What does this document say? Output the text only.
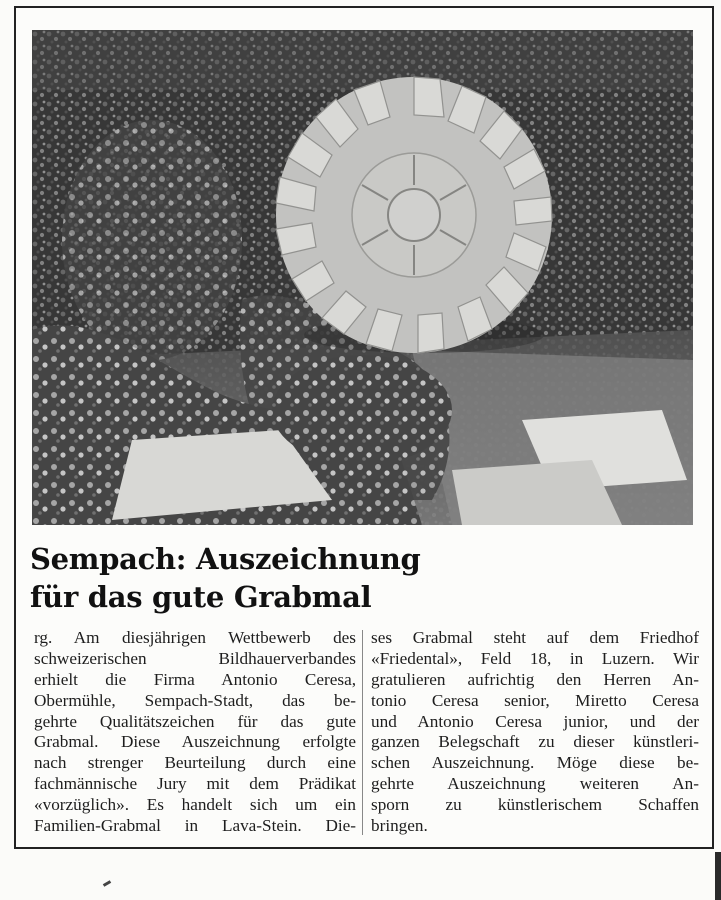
Sempach: Auszeichnung
für das gute Grabmal
rg. Am diesjährigen Wettbewerb des
schweizerischen Bildhauerverbandes
erhielt die Firma Antonio Ceresa,
Obermühle, Sempach-Stadt, das be-
gehrte Qualitätszeichen für das gute
Grabmal. Diese Auszeichnung erfolgte
nach strenger Beurteilung durch eine
fachmännische Jury mit dem Prädikat
«vorzüglich». Es handelt sich um ein
Familien-Grabmal in Lava-Stein. Die-
ses Grabmal steht auf dem Friedhof
«Friedental», Feld 18, in Luzern. Wir
gratulieren aufrichtig den Herren An-
tonio Ceresa senior, Miretto Ceresa
und Antonio Ceresa junior, und der
ganzen Belegschaft zu dieser künstleri-
schen Auszeichnung. Möge diese be-
gehrte Auszeichnung weiteren An-
sporn zu künstlerischem Schaffen
bringen.
